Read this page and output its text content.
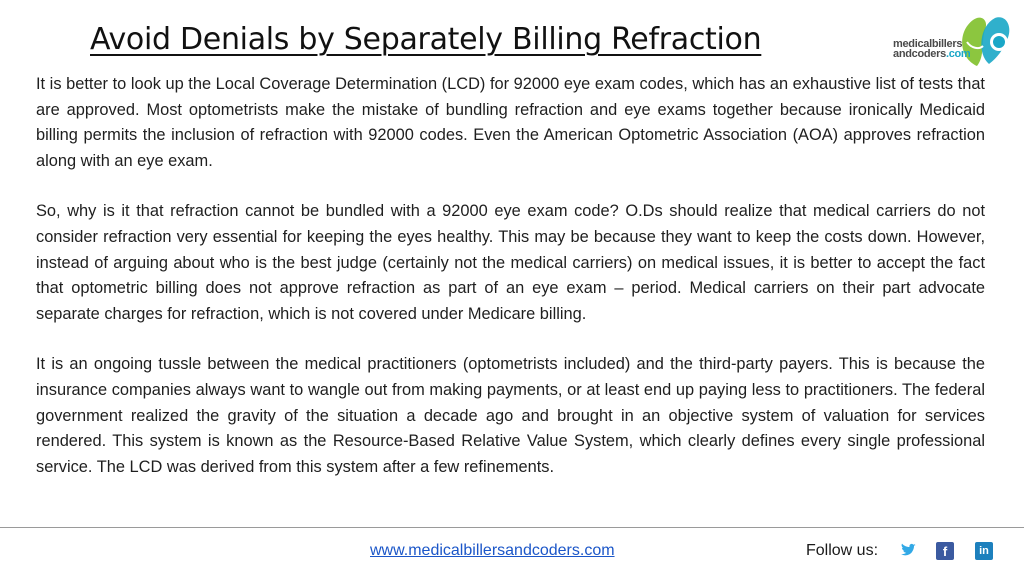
Avoid Denials by Separately Billing Refraction	medicalbillers
andcoders.com

It is better to look up the Local Coverage Determination (LCD) for 92000 eye exam codes, which has an exhaustive list of tests that are approved. Most optometrists make the mistake of bundling refraction and eye exams together because ironically Medicaid billing permits the inclusion of refraction with 92000 codes. Even the American Optometric Association (AOA) approves refraction along with an eye exam.

So, why is it that refraction cannot be bundled with a 92000 eye exam code? O.Ds should realize that medical carriers do not consider refraction very essential for keeping the eyes healthy. This may be because they want to keep the costs down. However, instead of arguing about who is the best judge (certainly not the medical carriers) on medical issues, it is better to accept the fact that optometric billing does not approve refraction as part of an eye exam – period. Medical carriers on their part advocate separate charges for refraction, which is not covered under Medicare billing.

It is an ongoing tussle between the medical practitioners (optometrists included) and the third-party payers. This is because the insurance companies always want to wangle out from making payments, or at least end up paying less to practitioners. The federal government realized the gravity of the situation a decade ago and brought in an objective system of valuation for services rendered. This system is known as the Resource-Based Relative Value System, which clearly defines every single professional service. The LCD was derived from this system after a few refinements.

www.medicalbillersandcoders.com	Follow us:	f	in
